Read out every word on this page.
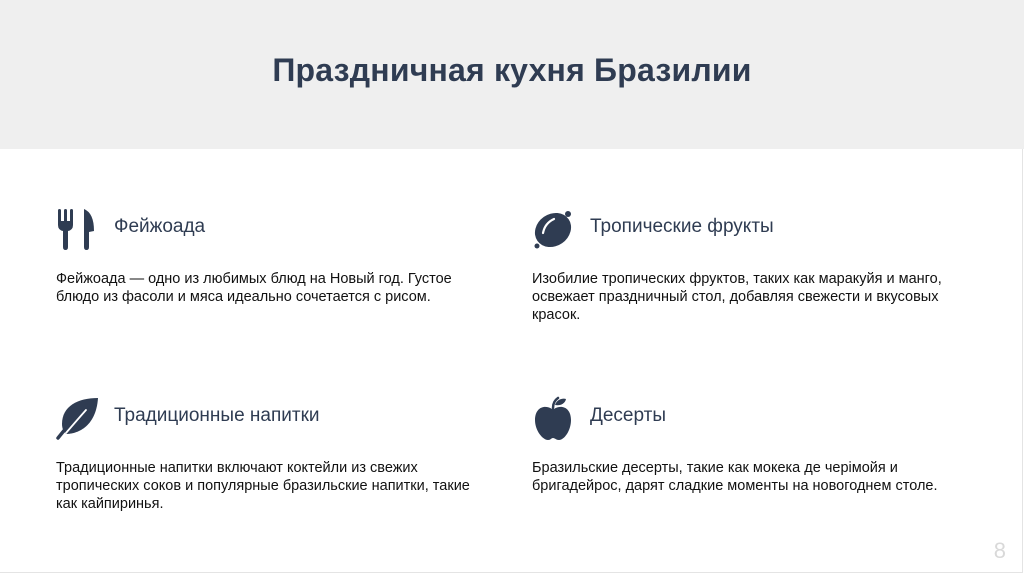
Праздничная кухня Бразилии
Фейжоада
Фейжоада — одно из любимых блюд на Новый год. Густое блюдо из фасоли и мяса идеально сочетается с рисом.
Тропические фрукты
Изобилие тропических фруктов, таких как маракуйя и манго, освежает праздничный стол, добавляя свежести и вкусовых красок.
Традиционные напитки
Традиционные напитки включают коктейли из свежих тропических соков и популярные бразильские напитки, такие как кайпиринья.
Десерты
Бразильские десерты, такие как мокека де черімойя и бригадейрос, дарят сладкие моменты на новогоднем столе.
8
